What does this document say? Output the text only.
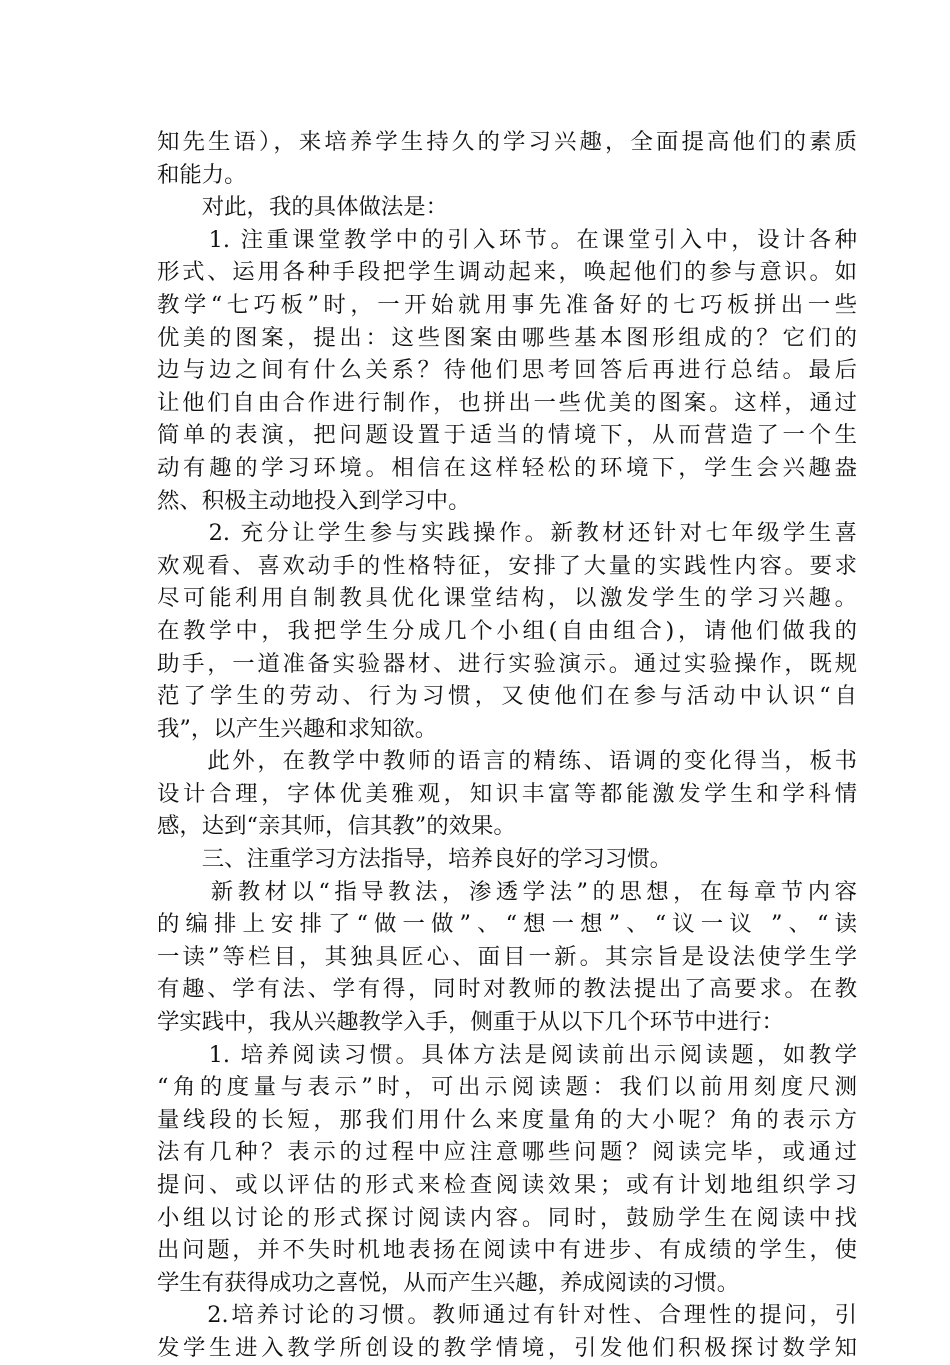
知先生语），来培养学生持久的学习兴趣，全面提高他们的素质
和能力。
　　对此，我的具体做法是：
　　1. 注重课堂教学中的引入环节。在课堂引入中，设计各种
形式、运用各种手段把学生调动起来，唤起他们的参与意识。如
教学“七巧板”时，一开始就用事先准备好的七巧板拼出一些
优美的图案，提出：这些图案由哪些基本图形组成的？它们的
边与边之间有什么关系？待他们思考回答后再进行总结。最后
让他们自由合作进行制作，也拼出一些优美的图案。这样，通过
简单的表演，把问题设置于适当的情境下，从而营造了一个生
动有趣的学习环境。相信在这样轻松的环境下，学生会兴趣盎
然、积极主动地投入到学习中。
　　2. 充分让学生参与实践操作。新教材还针对七年级学生喜
欢观看、喜欢动手的性格特征，安排了大量的实践性内容。要求
尽可能利用自制教具优化课堂结构，以激发学生的学习兴趣。
在教学中，我把学生分成几个小组(自由组合)，请他们做我的
助手，一道准备实验器材、进行实验演示。通过实验操作，既规
范了学生的劳动、行为习惯，又使他们在参与活动中认识“自
我”，以产生兴趣和求知欲。
　　此外，在教学中教师的语言的精练、语调的变化得当，板书
设计合理，字体优美雅观，知识丰富等都能激发学生和学科情
感，达到“亲其师，信其教”的效果。
　　三、注重学习方法指导，培养良好的学习习惯。
　　新教材以“指导教法，渗透学法”的思想，在每章节内容
的编排上安排了“做一做”、“想一想”、“议一议 ”、“读
一读”等栏目，其独具匠心、面目一新。其宗旨是设法使学生学
有趣、学有法、学有得，同时对教师的教法提出了高要求。在教
学实践中，我从兴趣教学入手，侧重于从以下几个环节中进行：
　　1. 培养阅读习惯。具体方法是阅读前出示阅读题，如教学
“角的度量与表示”时，可出示阅读题：我们以前用刻度尺测
量线段的长短，那我们用什么来度量角的大小呢？角的表示方
法有几种？表示的过程中应注意哪些问题？阅读完毕，或通过
提问、或以评估的形式来检查阅读效果；或有计划地组织学习
小组以讨论的形式探讨阅读内容。同时，鼓励学生在阅读中找
出问题，并不失时机地表扬在阅读中有进步、有成绩的学生，使
学生有获得成功之喜悦，从而产生兴趣，养成阅读的习惯。
　　2.培养讨论的习惯。教师通过有针对性、合理性的提问，引
发学生进入教学所创设的教学情境，引发他们积极探讨数学知
